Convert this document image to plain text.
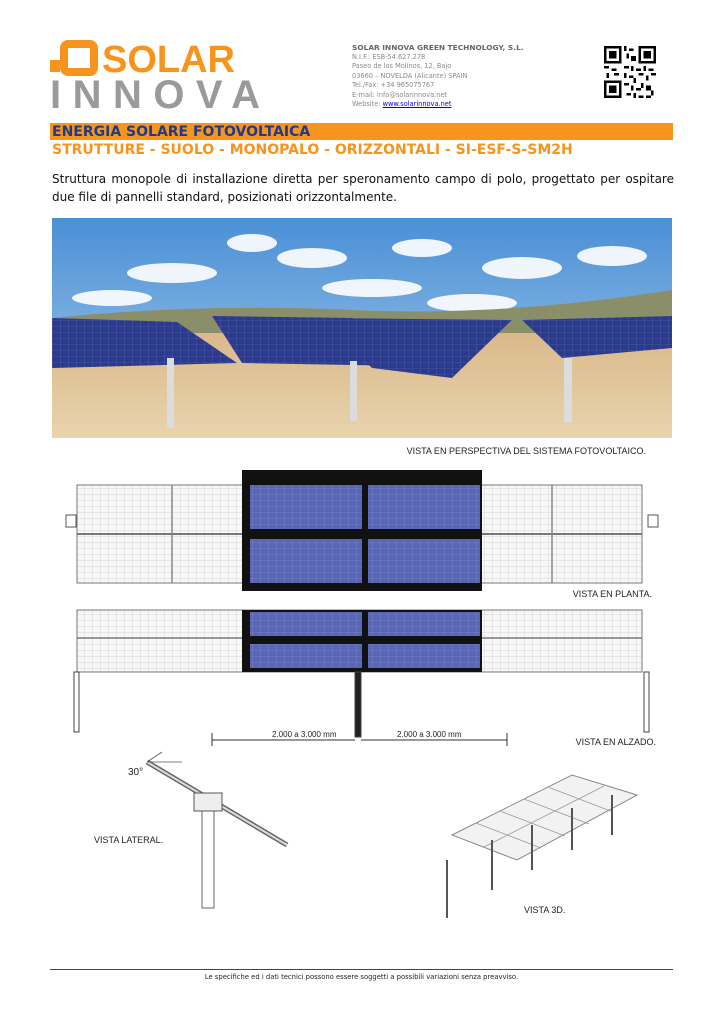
SOLAR
INNOVA
SOLAR INNOVA GREEN TECHNOLOGY, S.L.
N.I.F.: ESB-54.627.278
Paseo de los Molinos, 12, Bajo
03660 – NOVELDA (Alicante) SPAIN
Tel./Fax: +34 965075767
E-mail: info@solarinnova.net
Website: www.solarinnova.net
ENERGIA SOLARE FOTOVOLTAICA
STRUTTURE - SUOLO - MONOPALO - ORIZZONTALI - SI-ESF-S-SM2H
Struttura monopole di installazione diretta per speronamento campo di polo, progettato per ospitare due file di pannelli standard, posizionati orizzontalmente.
VISTA EN PERSPECTIVA DEL SISTEMA FOTOVOLTAICO.
VISTA EN PLANTA.
2.000 a 3.000 mm	2.000 a 3.000 mm
VISTA EN ALZADO.
30°
VISTA LATERAL.
VISTA 3D.
Le specifiche ed i dati tecnici possono essere soggetti a possibili variazioni senza preavviso.
